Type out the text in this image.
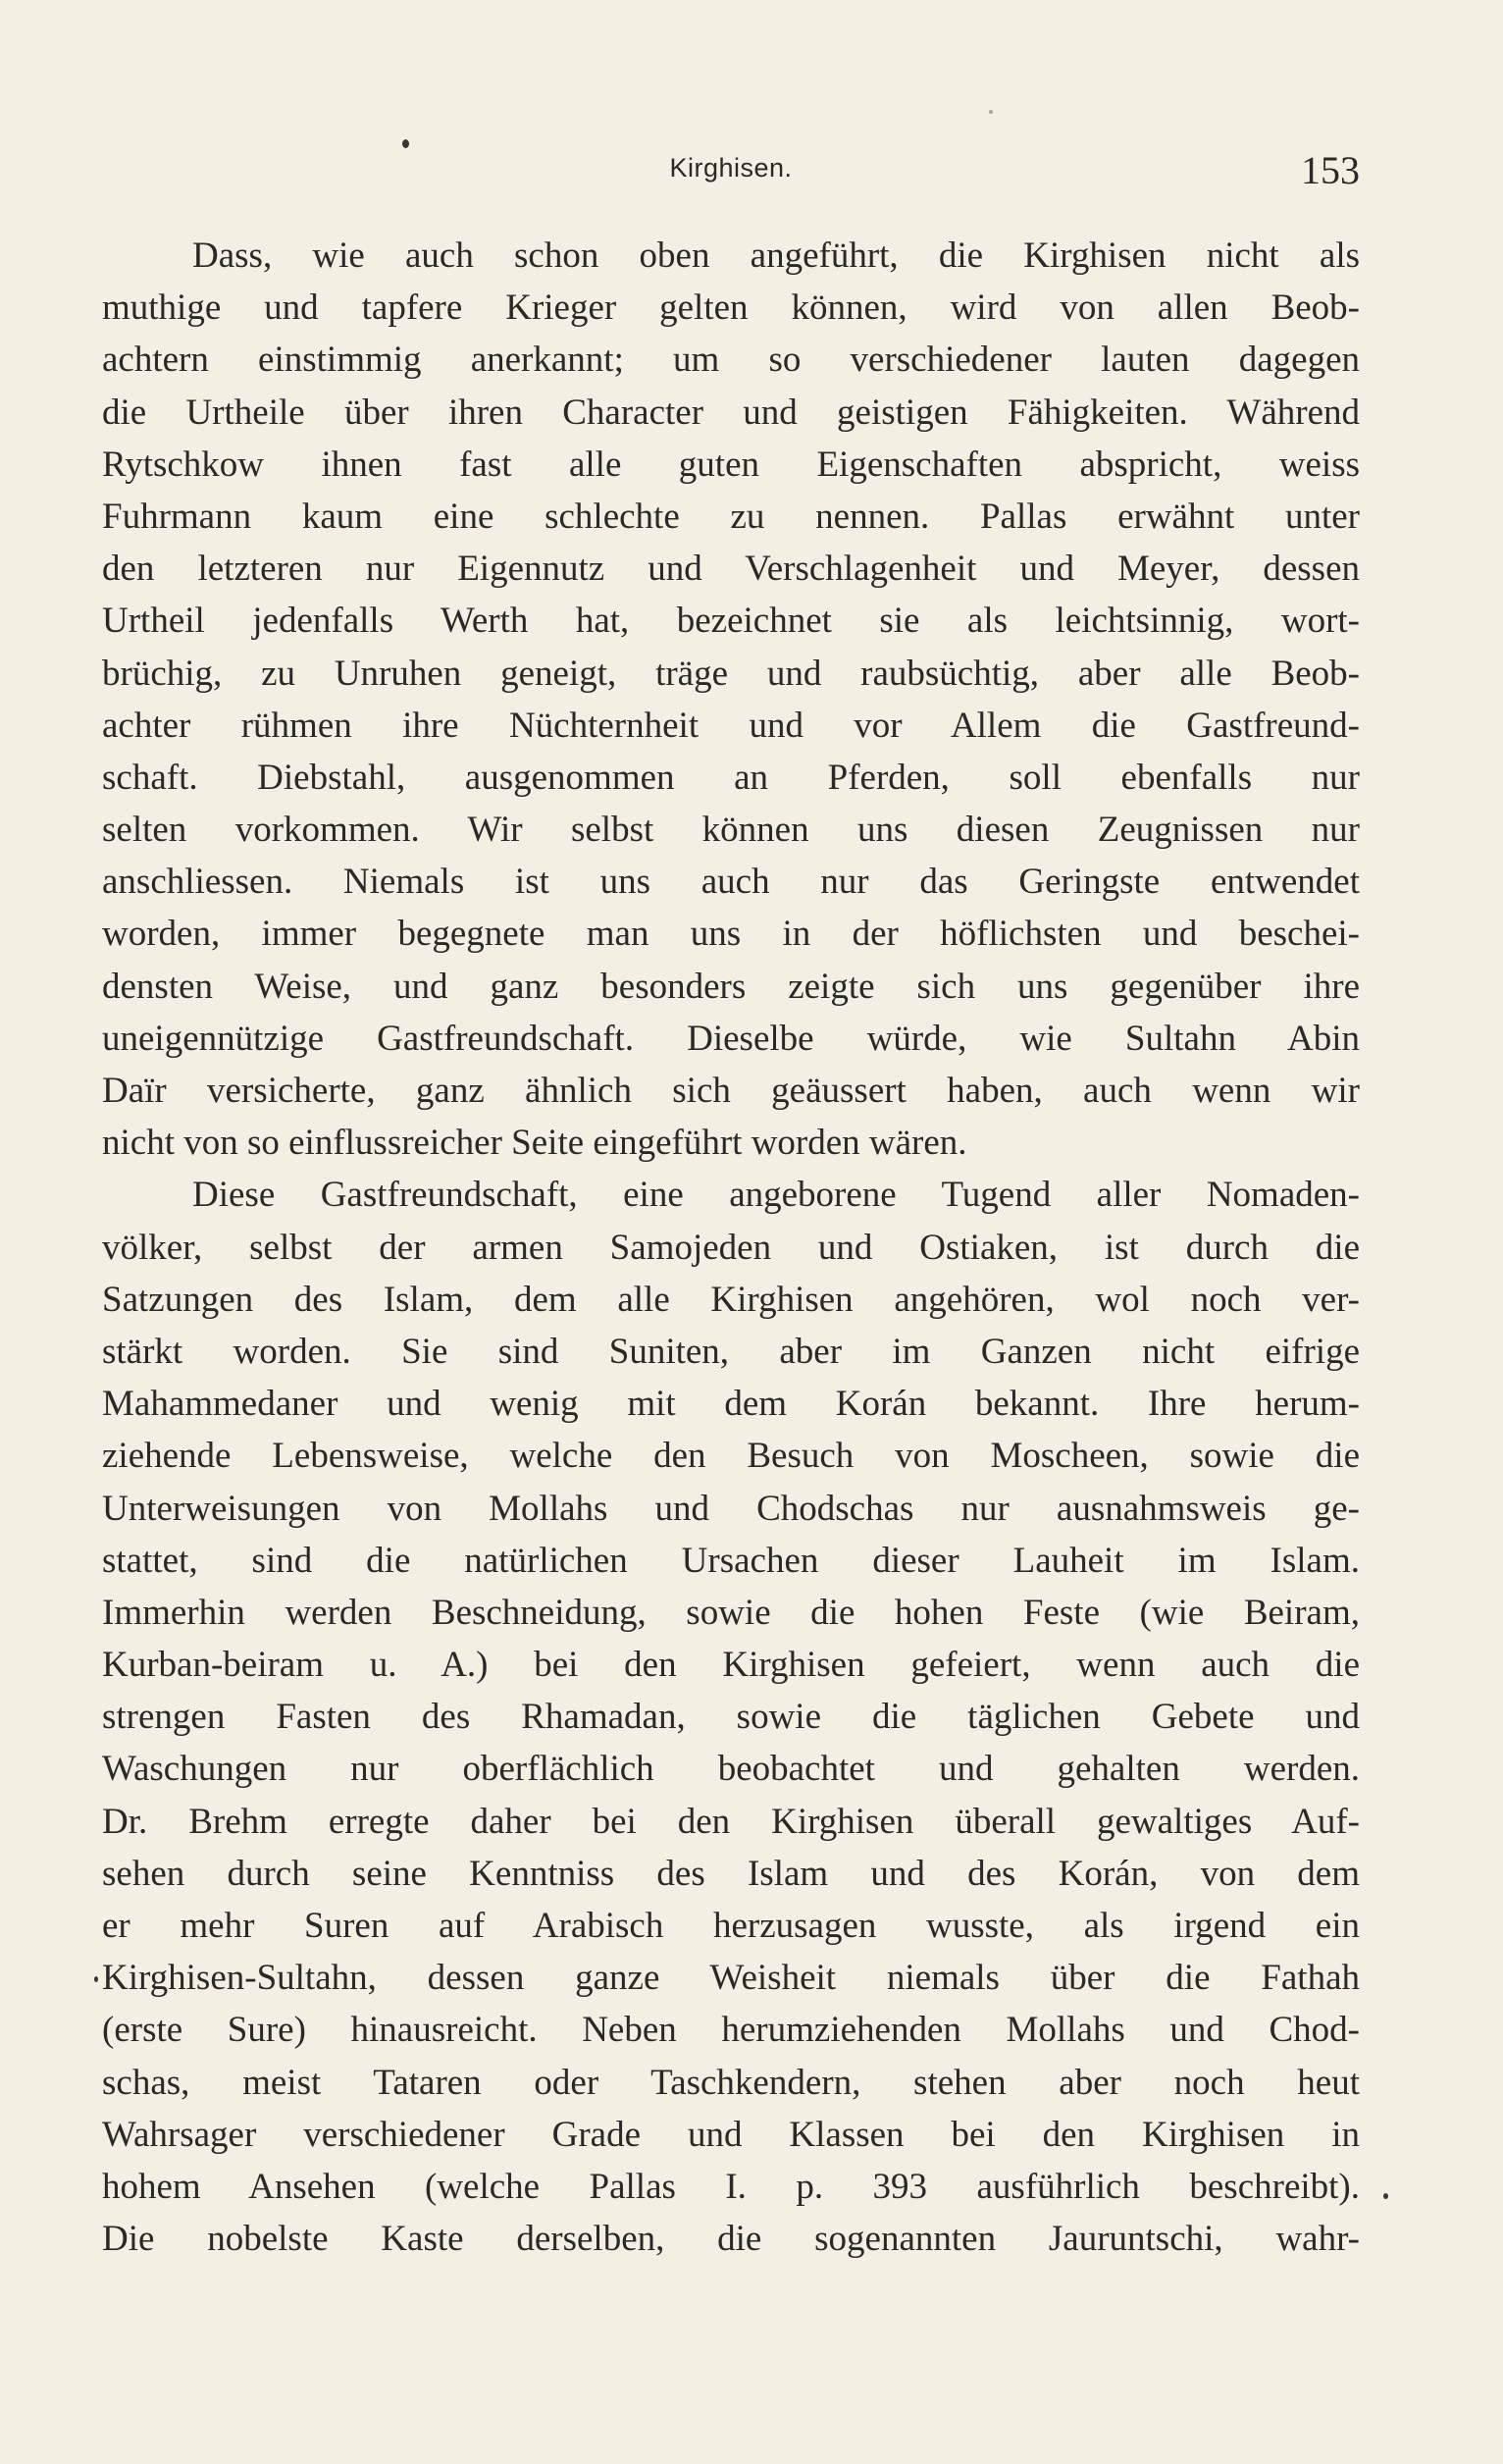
Kirghisen.	153
Dass, wie auch schon oben angeführt, die Kirghisen nicht als
muthige und tapfere Krieger gelten können, wird von allen Beob-
achtern einstimmig anerkannt; um so verschiedener lauten dagegen
die Urtheile über ihren Character und geistigen Fähigkeiten. Während
Rytschkow ihnen fast alle guten Eigenschaften abspricht, weiss
Fuhrmann kaum eine schlechte zu nennen. Pallas erwähnt unter
den letzteren nur Eigennutz und Verschlagenheit und Meyer, dessen
Urtheil jedenfalls Werth hat, bezeichnet sie als leichtsinnig, wort-
brüchig, zu Unruhen geneigt, träge und raubsüchtig, aber alle Beob-
achter rühmen ihre Nüchternheit und vor Allem die Gastfreund-
schaft. Diebstahl, ausgenommen an Pferden, soll ebenfalls nur
selten vorkommen. Wir selbst können uns diesen Zeugnissen nur
anschliessen. Niemals ist uns auch nur das Geringste entwendet
worden, immer begegnete man uns in der höflichsten und beschei-
densten Weise, und ganz besonders zeigte sich uns gegenüber ihre
uneigennützige Gastfreundschaft. Dieselbe würde, wie Sultahn Abin
Daïr versicherte, ganz ähnlich sich geäussert haben, auch wenn wir
nicht von so einflussreicher Seite eingeführt worden wären.
Diese Gastfreundschaft, eine angeborene Tugend aller Nomaden-
völker, selbst der armen Samojeden und Ostiaken, ist durch die
Satzungen des Islam, dem alle Kirghisen angehören, wol noch ver-
stärkt worden. Sie sind Suniten, aber im Ganzen nicht eifrige
Mahammedaner und wenig mit dem Korán bekannt. Ihre herum-
ziehende Lebensweise, welche den Besuch von Moscheen, sowie die
Unterweisungen von Mollahs und Chodschas nur ausnahmsweis ge-
stattet, sind die natürlichen Ursachen dieser Lauheit im Islam.
Immerhin werden Beschneidung, sowie die hohen Feste (wie Beiram,
Kurban-beiram u. A.) bei den Kirghisen gefeiert, wenn auch die
strengen Fasten des Rhamadan, sowie die täglichen Gebete und
Waschungen nur oberflächlich beobachtet und gehalten werden.
Dr. Brehm erregte daher bei den Kirghisen überall gewaltiges Auf-
sehen durch seine Kenntniss des Islam und des Korán, von dem
er mehr Suren auf Arabisch herzusagen wusste, als irgend ein
Kirghisen-Sultahn, dessen ganze Weisheit niemals über die Fathah
(erste Sure) hinausreicht. Neben herumziehenden Mollahs und Chod-
schas, meist Tataren oder Taschkendern, stehen aber noch heut
Wahrsager verschiedener Grade und Klassen bei den Kirghisen in
hohem Ansehen (welche Pallas I. p. 393 ausführlich beschreibt).
Die nobelste Kaste derselben, die sogenannten Jauruntschi, wahr-
